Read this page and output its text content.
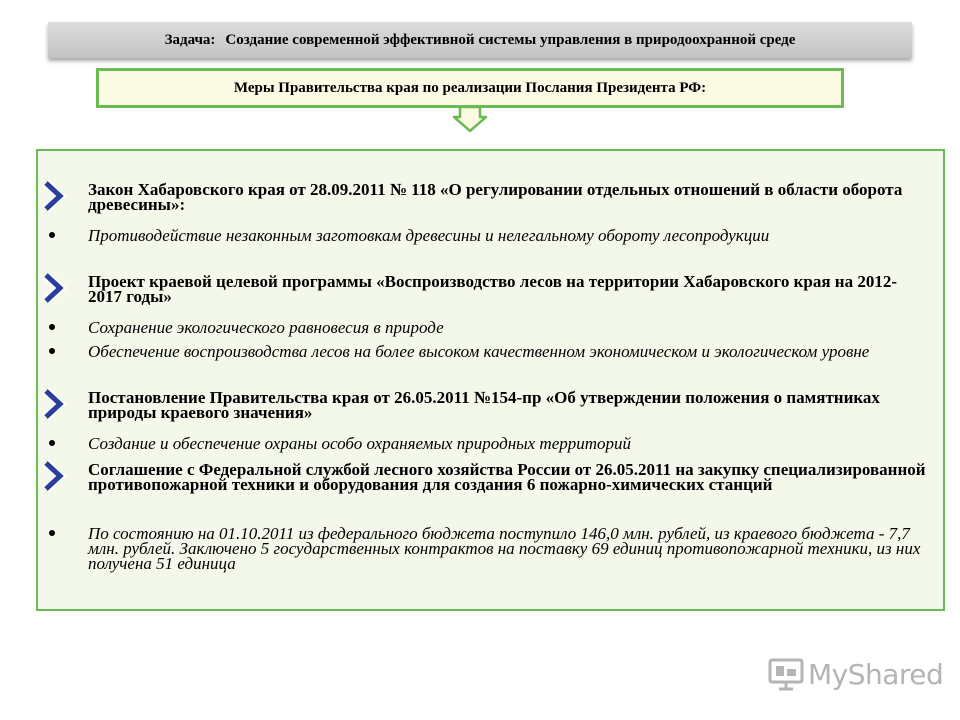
Задача: Создание современной эффективной системы управления в природоохранной среде
Меры Правительства края по реализации Послания Президента РФ:
Закон Хабаровского края от 28.09.2011 № 118 «О регулировании отдельных отношений в области оборота древесины»:
Противодействие незаконным заготовкам древесины и нелегальному обороту лесопродукции
Проект краевой целевой программы «Воспроизводство лесов на территории Хабаровского края на 2012-2017 годы»
Сохранение экологического равновесия в природе
Обеспечение воспроизводства лесов на более высоком качественном экономическом и экологическом уровне
Постановление Правительства края от 26.05.2011 №154-пр «Об утверждении положения о памятниках природы краевого значения»
Создание и обеспечение охраны особо охраняемых природных территорий
Соглашение с Федеральной службой лесного хозяйства России от 26.05.2011 на закупку специализированной противопожарной техники и оборудования для создания 6 пожарно-химических станций
По состоянию на 01.10.2011 из федерального бюджета поступило 146,0 млн. рублей, из краевого бюджета - 7,7 млн. рублей. Заключено 5 государственных контрактов на поставку 69 единиц противопожарной техники, из них получена 51 единица
MyShared
